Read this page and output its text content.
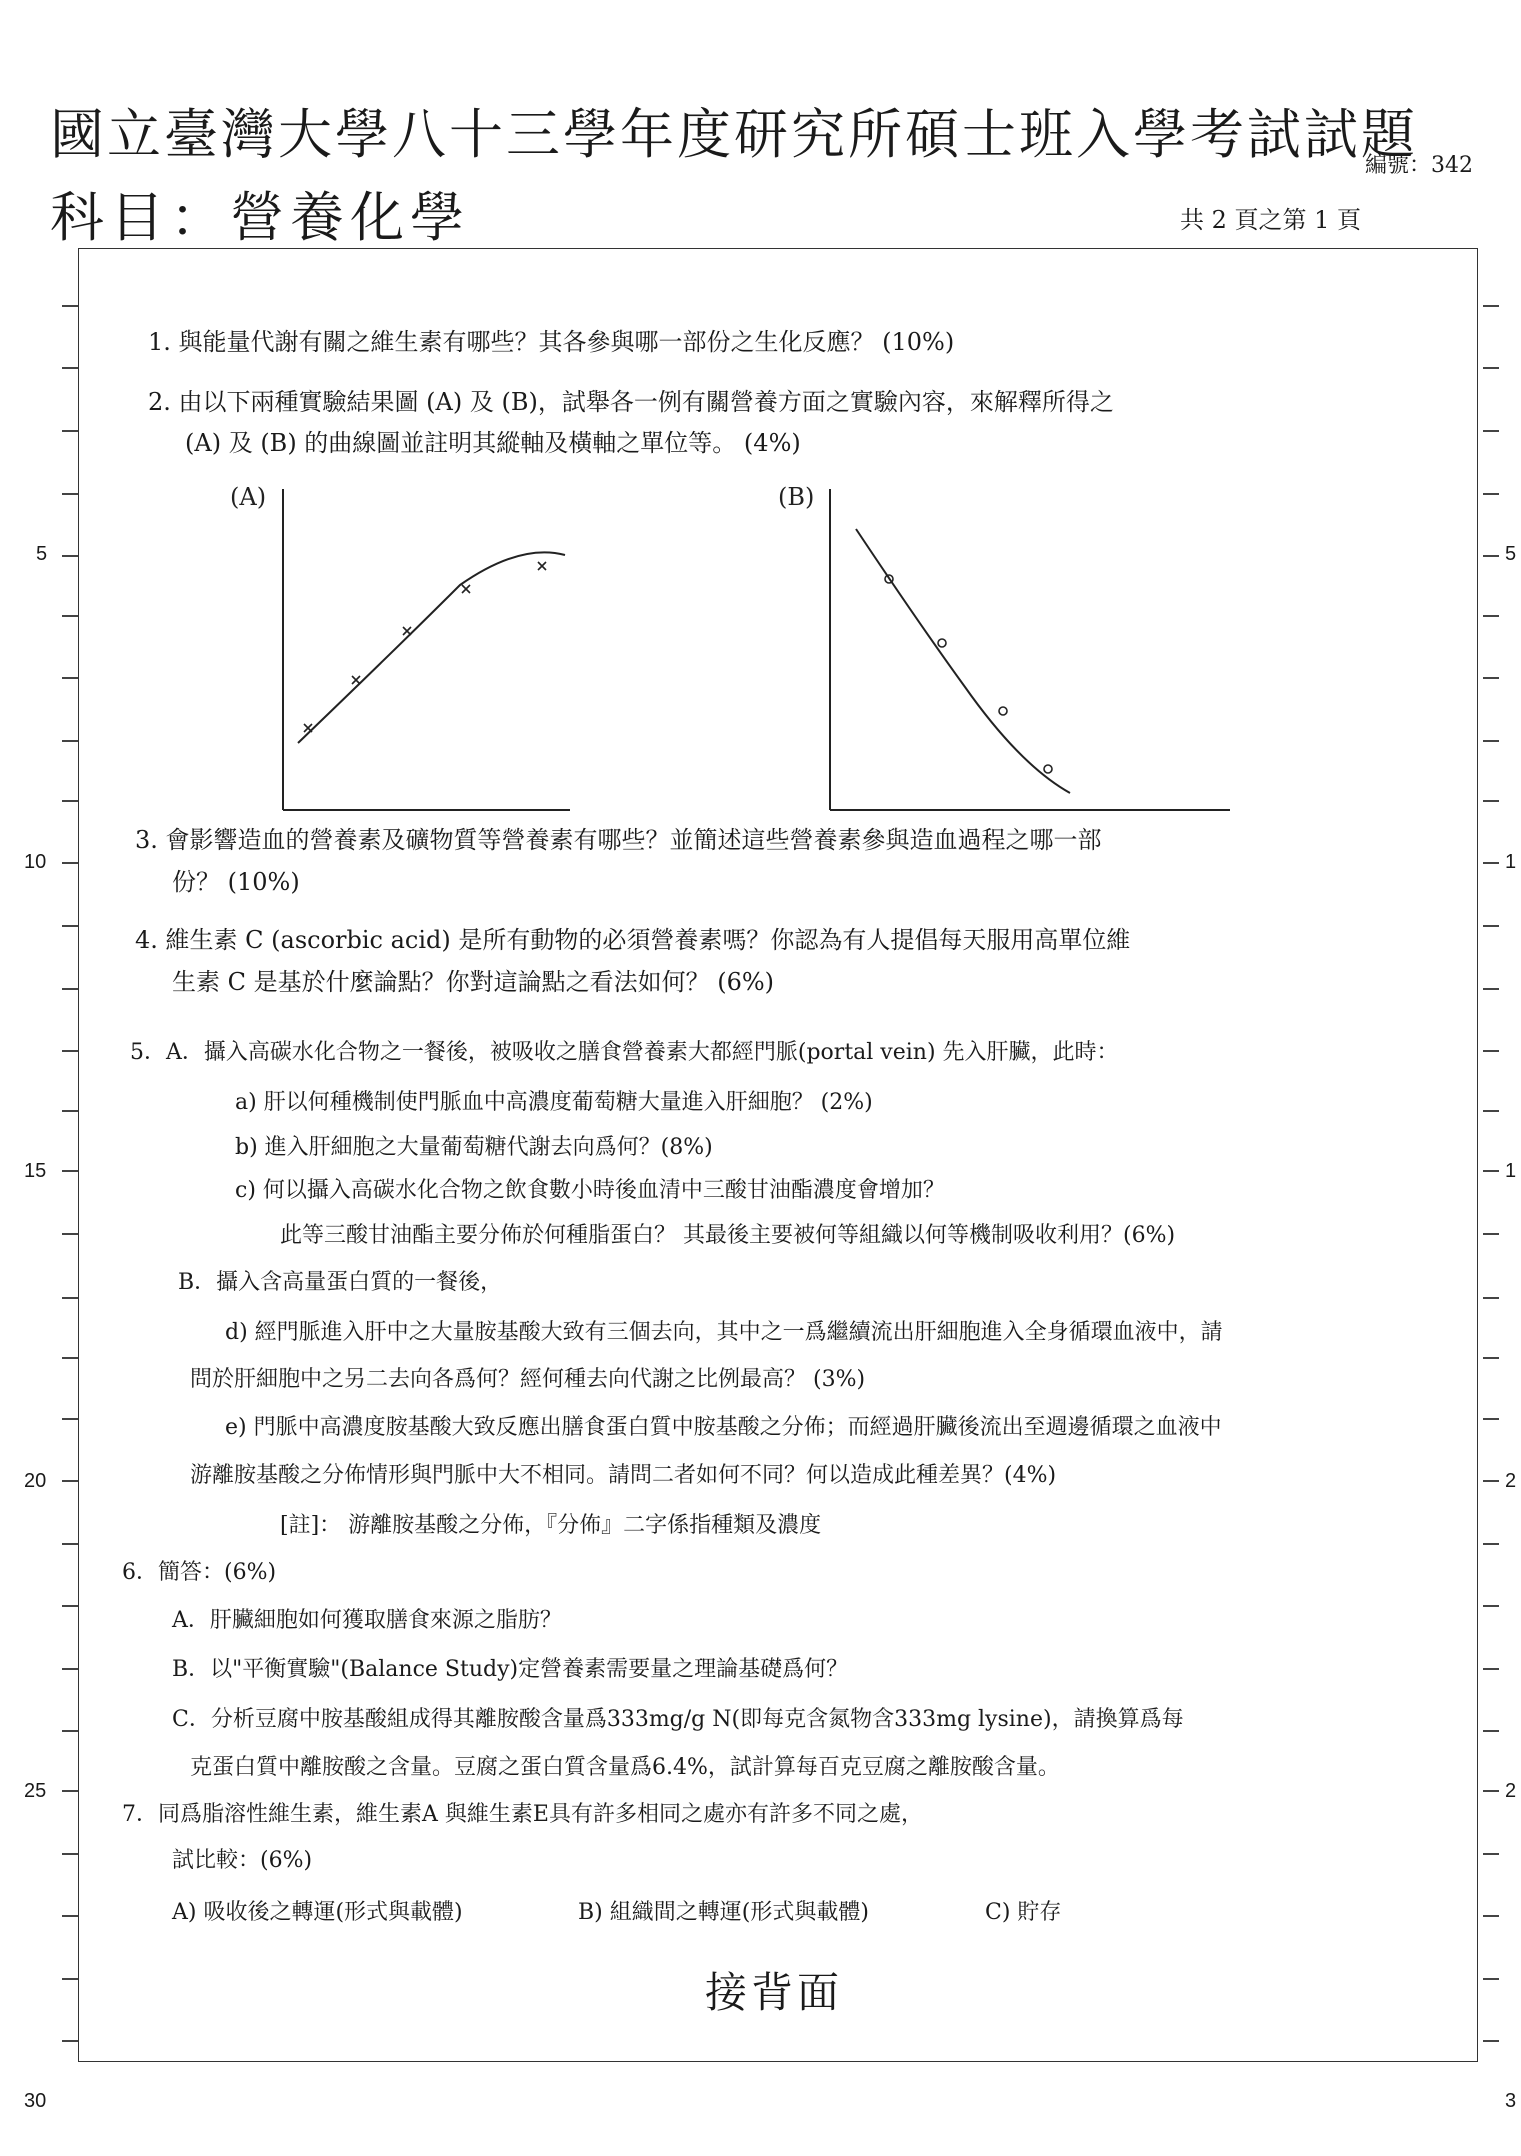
國立臺灣大學八十三學年度研究所碩士班入學考試試題
科目：營養化學
編號：342
共 2 頁之第 1 頁
5
10
15
20
25
30
5
1
1
2
2
3
1. 與能量代謝有關之維生素有哪些？其各參與哪一部份之生化反應？ (10%)
2. 由以下兩種實驗結果圖 (A) 及 (B)，試舉各一例有關營養方面之實驗內容，來解釋所得之
(A) 及 (B) 的曲線圖並註明其縱軸及橫軸之單位等。 (4%)
(A)	(B)
3. 會影響造血的營養素及礦物質等營養素有哪些？並簡述這些營養素參與造血過程之哪一部
份？ (10%)
4. 維生素 C (ascorbic acid) 是所有動物的必須營養素嗎？你認為有人提倡每天服用高單位維
生素 C 是基於什麼論點？你對這論點之看法如何？ (6%)
5．A．攝入高碳水化合物之一餐後，被吸收之膳食營養素大都經門脈(portal vein) 先入肝臟，此時：
a) 肝以何種機制使門脈血中高濃度葡萄糖大量進入肝細胞？ (2%)
b) 進入肝細胞之大量葡萄糖代謝去向爲何？(8%)
c) 何以攝入高碳水化合物之飲食數小時後血清中三酸甘油酯濃度會增加？
此等三酸甘油酯主要分佈於何種脂蛋白？ 其最後主要被何等組織以何等機制吸收利用？(6%)
B．攝入含高量蛋白質的一餐後，
d) 經門脈進入肝中之大量胺基酸大致有三個去向，其中之一爲繼續流出肝細胞進入全身循環血液中，請
問於肝細胞中之另二去向各爲何？經何種去向代謝之比例最高？ (3%)
e) 門脈中高濃度胺基酸大致反應出膳食蛋白質中胺基酸之分佈；而經過肝臟後流出至週邊循環之血液中
游離胺基酸之分佈情形與門脈中大不相同。請問二者如何不同？何以造成此種差異？(4%)
[註]： 游離胺基酸之分佈，『分佈』二字係指種類及濃度
6．簡答：(6%)
A．肝臟細胞如何獲取膳食來源之脂肪？
B．以"平衡實驗"(Balance Study)定營養素需要量之理論基礎爲何？
C．分析豆腐中胺基酸組成得其離胺酸含量爲333mg/g N(即每克含氮物含333mg lysine)，請換算爲每
克蛋白質中離胺酸之含量。豆腐之蛋白質含量爲6.4%，試計算每百克豆腐之離胺酸含量。
7．同爲脂溶性維生素，維生素A 與維生素E具有許多相同之處亦有許多不同之處，
試比較：(6%)
A) 吸收後之轉運(形式與載體)	B) 組織間之轉運(形式與載體)	C) 貯存
接背面
